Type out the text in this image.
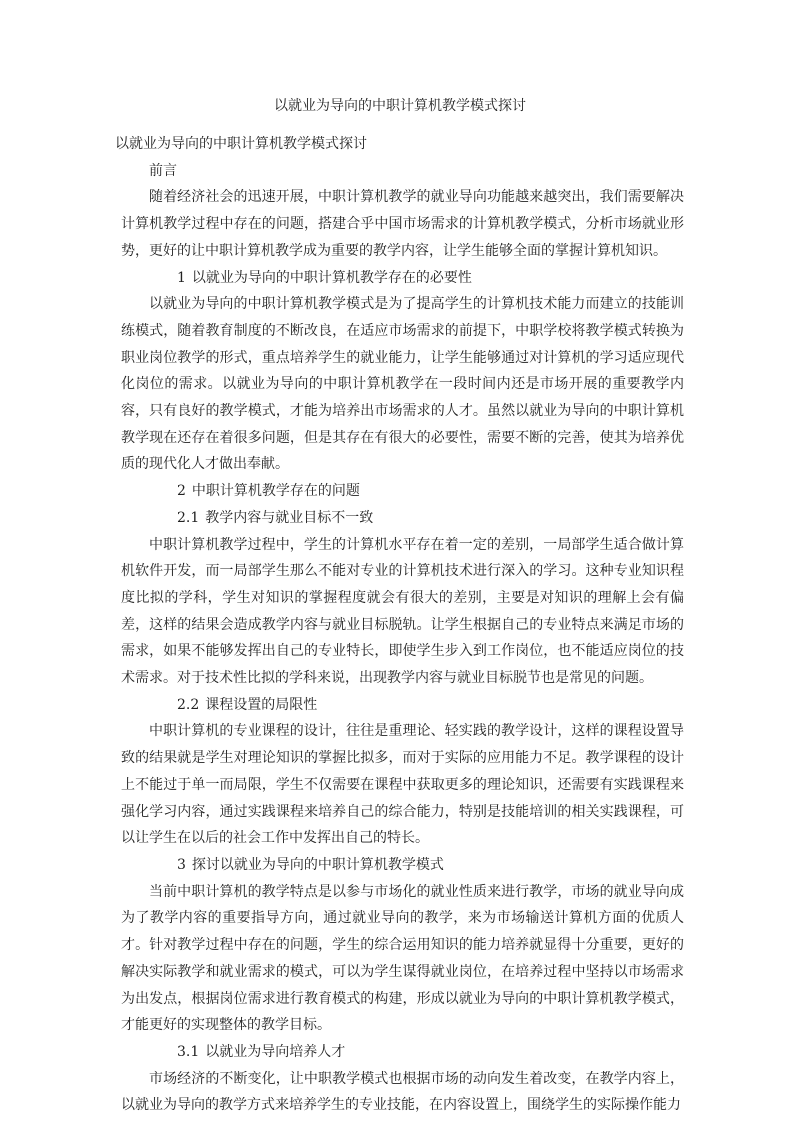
以就业为导向的中职计算机教学模式探讨

以就业为导向的中职计算机教学模式探讨

前言

随着经济社会的迅速开展，中职计算机教学的就业导向功能越来越突出，我们需要解决计算机教学过程中存在的问题，搭建合乎中国市场需求的计算机教学模式，分析市场就业形势，更好的让中职计算机教学成为重要的教学内容，让学生能够全面的掌握计算机知识。

1 以就业为导向的中职计算机教学存在的必要性

以就业为导向的中职计算机教学模式是为了提高学生的计算机技术能力而建立的技能训练模式，随着教育制度的不断改良，在适应市场需求的前提下，中职学校将教学模式转换为职业岗位教学的形式，重点培养学生的就业能力，让学生能够通过对计算机的学习适应现代化岗位的需求。以就业为导向的中职计算机教学在一段时间内还是市场开展的重要教学内容，只有良好的教学模式，才能为培养出市场需求的人才。虽然以就业为导向的中职计算机教学现在还存在着很多问题，但是其存在有很大的必要性，需要不断的完善，使其为培养优质的现代化人才做出奉献。

2 中职计算机教学存在的问题

2.1 教学内容与就业目标不一致

中职计算机教学过程中，学生的计算机水平存在着一定的差别，一局部学生适合做计算机软件开发，而一局部学生那么不能对专业的计算机技术进行深入的学习。这种专业知识程度比拟的学科，学生对知识的掌握程度就会有很大的差别，主要是对知识的理解上会有偏差，这样的结果会造成教学内容与就业目标脱轨。让学生根据自己的专业特点来满足市场的需求，如果不能够发挥出自己的专业特长，即使学生步入到工作岗位，也不能适应岗位的技术需求。对于技术性比拟的学科来说，出现教学内容与就业目标脱节也是常见的问题。

2.2 课程设置的局限性

中职计算机的专业课程的设计，往往是重理论、轻实践的教学设计，这样的课程设置导致的结果就是学生对理论知识的掌握比拟多，而对于实际的应用能力不足。教学课程的设计上不能过于单一而局限，学生不仅需要在课程中获取更多的理论知识，还需要有实践课程来强化学习内容，通过实践课程来培养自己的综合能力，特别是技能培训的相关实践课程，可以让学生在以后的社会工作中发挥出自己的特长。

3 探讨以就业为导向的中职计算机教学模式

当前中职计算机的教学特点是以参与市场化的就业性质来进行教学，市场的就业导向成为了教学内容的重要指导方向，通过就业导向的教学，来为市场输送计算机方面的优质人才。针对教学过程中存在的问题，学生的综合运用知识的能力培养就显得十分重要，更好的解决实际教学和就业需求的模式，可以为学生谋得就业岗位，在培养过程中坚持以市场需求为出发点，根据岗位需求进行教育模式的构建，形成以就业为导向的中职计算机教学模式，才能更好的实现整体的教学目标。

3.1 以就业为导向培养人才

市场经济的不断变化，让中职教学模式也根据市场的动向发生着改变，在教学内容上，以就业为导向的教学方式来培养学生的专业技能，在内容设置上，围绕学生的实际操作能力
